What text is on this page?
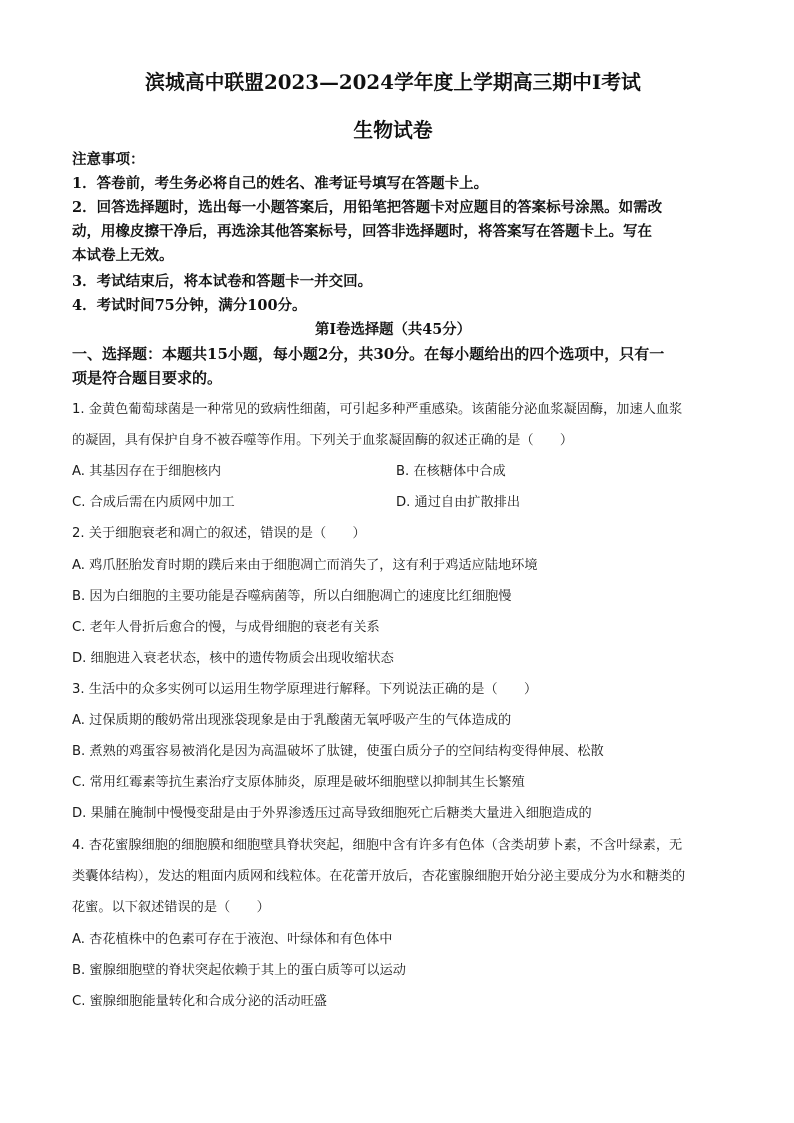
滨城高中联盟2023—2024学年度上学期高三期中Ⅰ考试
生物试卷
注意事项：
1．答卷前，考生务必将自己的姓名、准考证号填写在答题卡上。
2．回答选择题时，选出每一小题答案后，用铅笔把答题卡对应题目的答案标号涂黑。如需改
动，用橡皮擦干净后，再选涂其他答案标号，回答非选择题时，将答案写在答题卡上。写在
本试卷上无效。
3．考试结束后，将本试卷和答题卡一并交回。
4．考试时间75分钟，满分100分。
第Ⅰ卷选择题（共45分）
一、选择题：本题共15小题，每小题2分，共30分。在每小题给出的四个选项中，只有一
项是符合题目要求的。
1. 金黄色葡萄球菌是一种常见的致病性细菌，可引起多种严重感染。该菌能分泌血浆凝固酶，加速人血浆
的凝固，具有保护自身不被吞噬等作用。下列关于血浆凝固酶的叙述正确的是（　　）
A. 其基因存在于细胞核内	B. 在核糖体中合成
C. 合成后需在内质网中加工	D. 通过自由扩散排出
2. 关于细胞衰老和凋亡的叙述，错误的是（　　）
A. 鸡爪胚胎发育时期的蹼后来由于细胞凋亡而消失了，这有利于鸡适应陆地环境
B. 因为白细胞的主要功能是吞噬病菌等，所以白细胞凋亡的速度比红细胞慢
C. 老年人骨折后愈合的慢，与成骨细胞的衰老有关系
D. 细胞进入衰老状态，核中的遗传物质会出现收缩状态
3. 生活中的众多实例可以运用生物学原理进行解释。下列说法正确的是（　　）
A. 过保质期的酸奶常出现涨袋现象是由于乳酸菌无氧呼吸产生的气体造成的
B. 煮熟的鸡蛋容易被消化是因为高温破坏了肽键，使蛋白质分子的空间结构变得伸展、松散
C. 常用红霉素等抗生素治疗支原体肺炎，原理是破坏细胞壁以抑制其生长繁殖
D. 果脯在腌制中慢慢变甜是由于外界渗透压过高导致细胞死亡后糖类大量进入细胞造成的
4. 杏花蜜腺细胞的细胞膜和细胞壁具脊状突起，细胞中含有许多有色体（含类胡萝卜素，不含叶绿素，无
类囊体结构），发达的粗面内质网和线粒体。在花蕾开放后，杏花蜜腺细胞开始分泌主要成分为水和糖类的
花蜜。以下叙述错误的是（　　）
A. 杏花植株中的色素可存在于液泡、叶绿体和有色体中
B. 蜜腺细胞壁的脊状突起依赖于其上的蛋白质等可以运动
C. 蜜腺细胞能量转化和合成分泌的活动旺盛
